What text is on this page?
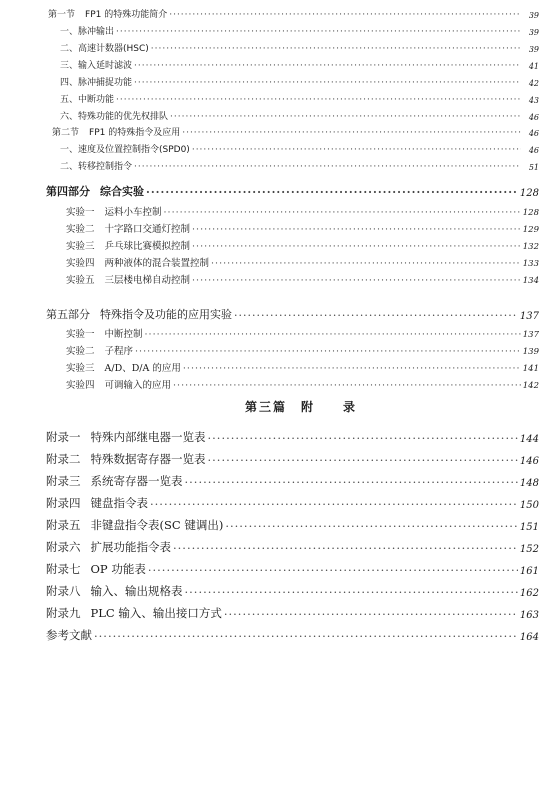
第一节 FP1 的特殊功能简介 ·····	39
一、脉冲输出 ·····	39
二、高速计数器(HSC) ·····	39
三、输入延时滤波 ·····	41
四、脉冲捕捉功能 ·····	42
五、中断功能 ·····	43
六、特殊功能的优先权排队 ·····	46
第二节 FP1 的特殊指令及应用 ·····	46
一、速度及位置控制指令(SPD0) ·····	46
二、转移控制指令 ·····	51
第四部分 综合实验 ·····	128
实验一 运料小车控制 ·····	128
实验二 十字路口交通灯控制 ·····	129
实验三 乒乓球比赛模拟控制 ·····	132
实验四 两种液体的混合装置控制 ·····	133
实验五 三层楼电梯自动控制 ·····	134
第五部分 特殊指令及功能的应用实验 ·····	137
实验一 中断控制 ·····	137
实验二 子程序 ·····	139
实验三 A/D、D/A 的应用 ·····	141
实验四 可调输入的应用 ·····	142
第三篇　附　　录
附录一 特殊内部继电器一览表 ·····	144
附录二 特殊数据寄存器一览表 ·····	146
附录三 系统寄存器一览表 ·····	148
附录四 键盘指令表 ·····	150
附录五 非键盘指令表(SC 键调出) ·····	151
附录六 扩展功能指令表 ·····	152
附录七 OP 功能表 ·····	161
附录八 输入、输出规格表 ·····	162
附录九 PLC 输入、输出接口方式 ·····	163
参考文献 ·····	164
